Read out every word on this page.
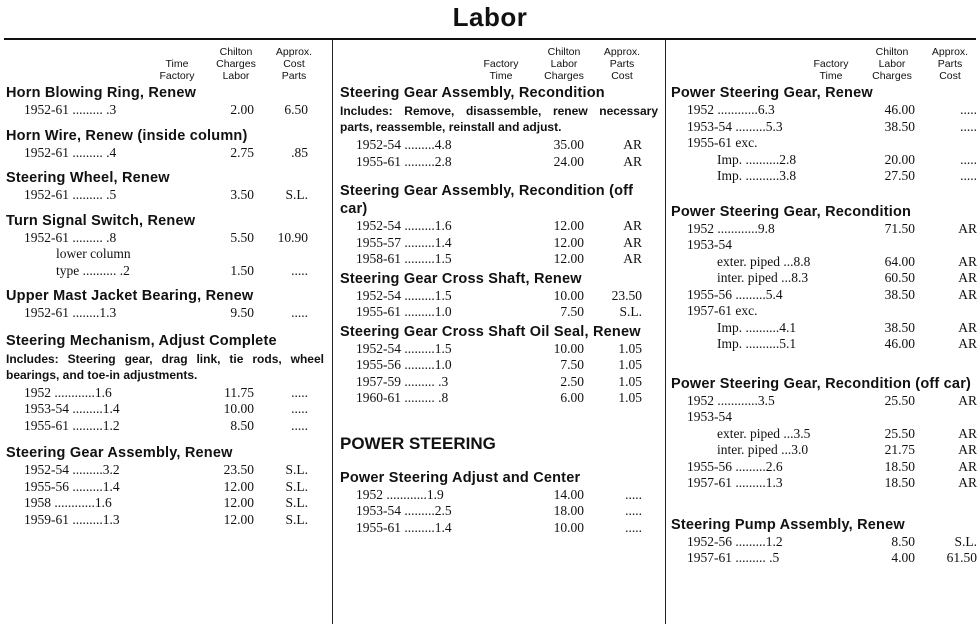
Labor
Time
Factory
Chilton
Charges
Labor
Approx.
Cost
Parts
Horn Blowing Ring, Renew
1952-61 ......... .3	2.00	6.50
Horn Wire, Renew (inside column)
1952-61 ......... .4	2.75	.85
Steering Wheel, Renew
1952-61 ......... .5	3.50	S.L.
Turn Signal Switch, Renew
1952-61 ......... .8	5.50	10.90
lower column
type .......... .2	1.50	.....
Upper Mast Jacket Bearing, Renew
1952-61 ........1.3	9.50	.....
Steering Mechanism, Adjust Complete
Includes: Steering gear, drag link, tie rods, wheel bearings, and toe-in adjustments.
1952 ............1.6	11.75	.....
1953-54 .........1.4	10.00	.....
1955-61 .........1.2	8.50	.....
Steering Gear Assembly, Renew
1952-54 .........3.2	23.50	S.L.
1955-56 .........1.4	12.00	S.L.
1958 ............1.6	12.00	S.L.
1959-61 .........1.3	12.00	S.L.
Factory
Time
Chilton
Labor
Charges
Approx.
Parts
Cost
Steering Gear Assembly, Recondition
Includes: Remove, disassemble, renew necessary parts, reassemble, reinstall and adjust.
1952-54 .........4.8	35.00	AR
1955-61 .........2.8	24.00	AR
Steering Gear Assembly, Recondition (off car)
1952-54 .........1.6	12.00	AR
1955-57 .........1.4	12.00	AR
1958-61 .........1.5	12.00	AR
Steering Gear Cross Shaft, Renew
1952-54 .........1.5	10.00	23.50
1955-61 .........1.0	7.50	S.L.
Steering Gear Cross Shaft Oil Seal, Renew
1952-54 .........1.5	10.00	1.05
1955-56 .........1.0	7.50	1.05
1957-59 ......... .3	2.50	1.05
1960-61 ......... .8	6.00	1.05
POWER STEERING
Power Steering Adjust and Center
1952 ............1.9	14.00	.....
1953-54 .........2.5	18.00	.....
1955-61 .........1.4	10.00	.....
Factory
Time
Chilton
Labor
Charges
Approx.
Parts
Cost
Power Steering Gear, Renew
1952 ............6.3	46.00	.....
1953-54 .........5.3	38.50	.....
1955-61 exc.
Imp. ..........2.8	20.00	.....
Imp. ..........3.8	27.50	.....
Power Steering Gear, Recondition
1952 ............9.8	71.50	AR
1953-54
exter. piped ...8.8	64.00	AR
inter. piped ...8.3	60.50	AR
1955-56 .........5.4	38.50	AR
1957-61 exc.
Imp. ..........4.1	38.50	AR
Imp. ..........5.1	46.00	AR
Power Steering Gear, Recondition (off car)
1952 ............3.5	25.50	AR
1953-54
exter. piped ...3.5	25.50	AR
inter. piped ...3.0	21.75	AR
1955-56 .........2.6	18.50	AR
1957-61 .........1.3	18.50	AR
Steering Pump Assembly, Renew
1952-56 .........1.2	8.50	S.L.
1957-61 ......... .5	4.00	61.50
